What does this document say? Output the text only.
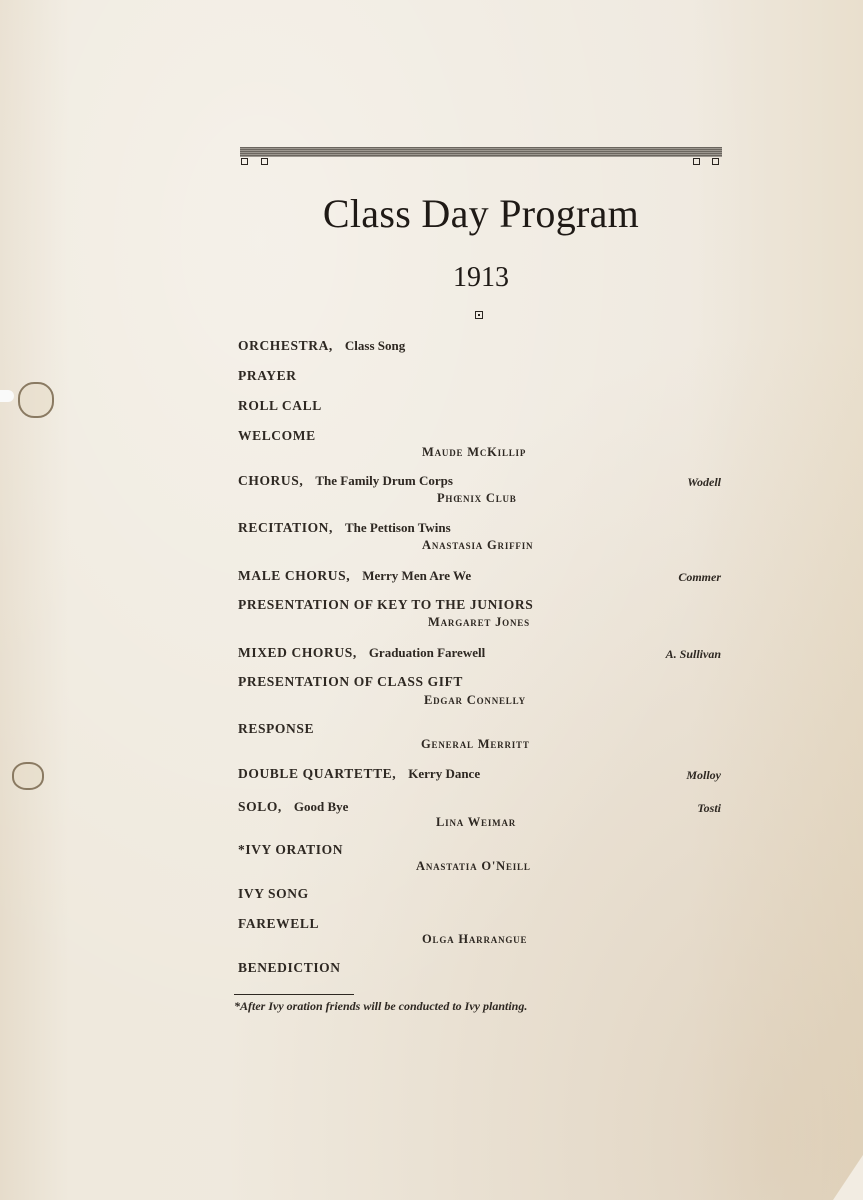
Class Day Program
1913
ORCHESTRA, Class Song
PRAYER
ROLL CALL
WELCOME
Maude McKillip
CHORUS, The Family Drum Corps	Wodell
Phœnix Club
RECITATION, The Pettison Twins
Anastasia Griffin
MALE CHORUS, Merry Men Are We	Commer
PRESENTATION OF KEY TO THE JUNIORS
Margaret Jones
MIXED CHORUS, Graduation Farewell	A. Sullivan
PRESENTATION OF CLASS GIFT
Edgar Connelly
RESPONSE
General Merritt
DOUBLE QUARTETTE, Kerry Dance	Molloy
SOLO, Good Bye	Tosti
Lina Weimar
*IVY ORATION
Anastatia O'Neill
IVY SONG
FAREWELL
Olga Harrangue
BENEDICTION
*After Ivy oration friends will be conducted to Ivy planting.
